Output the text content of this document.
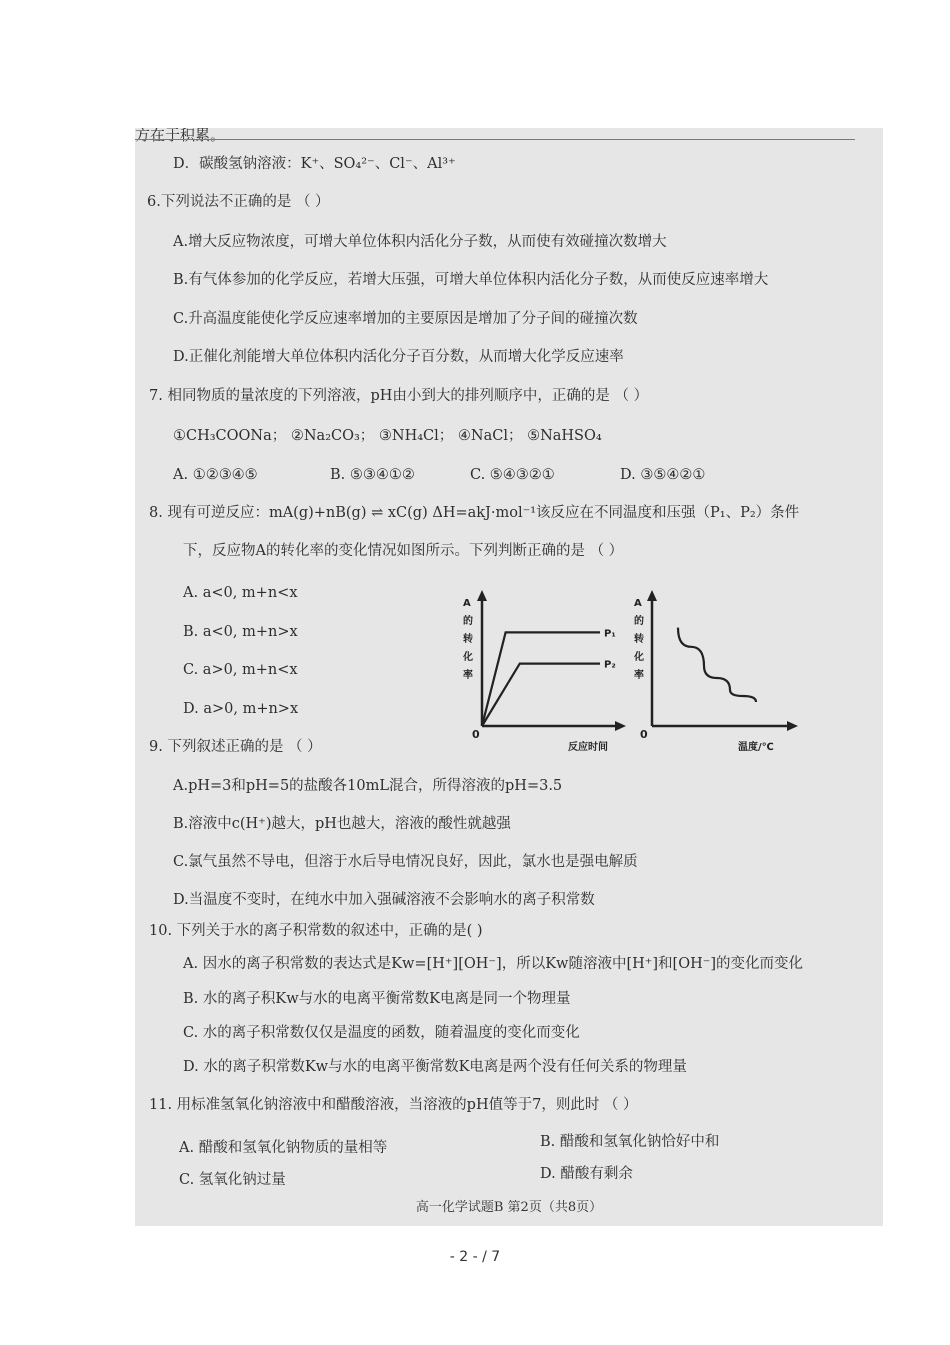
方在于积累。
D．碳酸氢钠溶液：K⁺、SO₄²⁻、Cl⁻、Al³⁺
6.下列说法不正确的是 （ ）
A.增大反应物浓度，可增大单位体积内活化分子数，从而使有效碰撞次数增大
B.有气体参加的化学反应，若增大压强，可增大单位体积内活化分子数，从而使反应速率增大
C.升高温度能使化学反应速率增加的主要原因是增加了分子间的碰撞次数
D.正催化剂能增大单位体积内活化分子百分数，从而增大化学反应速率
7. 相同物质的量浓度的下列溶液，pH由小到大的排列顺序中，正确的是 （ ）
①CH₃COONa； ②Na₂CO₃； ③NH₄Cl； ④NaCl； ⑤NaHSO₄
A. ①②③④⑤	B. ⑤③④①②	C. ⑤④③②①	D. ③⑤④②①
8. 现有可逆反应：mA(g)+nB(g) ⇌ xC(g) ΔH=akJ·mol⁻¹该反应在不同温度和压强（P₁、P₂）条件
下，反应物A的转化率的变化情况如图所示。下列判断正确的是 （ ）
A. a<0, m+n<x
B. a<0, m+n>x
C. a>0, m+n<x
D. a>0, m+n>x
A 的转化率
0
反应时间
P₁
P₂
A 的转化率
0
温度/℃
9. 下列叙述正确的是 （ ）
A.pH=3和pH=5的盐酸各10mL混合，所得溶液的pH=3.5
B.溶液中c(H⁺)越大，pH也越大，溶液的酸性就越强
C.氯气虽然不导电，但溶于水后导电情况良好，因此，氯水也是强电解质
D.当温度不变时，在纯水中加入强碱溶液不会影响水的离子积常数
10. 下列关于水的离子积常数的叙述中，正确的是( )
A. 因水的离子积常数的表达式是Kw=[H⁺][OH⁻]，所以Kw随溶液中[H⁺]和[OH⁻]的变化而变化
B. 水的离子积Kw与水的电离平衡常数K电离是同一个物理量
C. 水的离子积常数仅仅是温度的函数，随着温度的变化而变化
D. 水的离子积常数Kw与水的电离平衡常数K电离是两个没有任何关系的物理量
11. 用标准氢氧化钠溶液中和醋酸溶液，当溶液的pH值等于7，则此时 （ ）
A. 醋酸和氢氧化钠物质的量相等	B. 醋酸和氢氧化钠恰好中和
C. 氢氧化钠过量	D. 醋酸有剩余
高一化学试题B 第2页（共8页）
- 2 - / 7
